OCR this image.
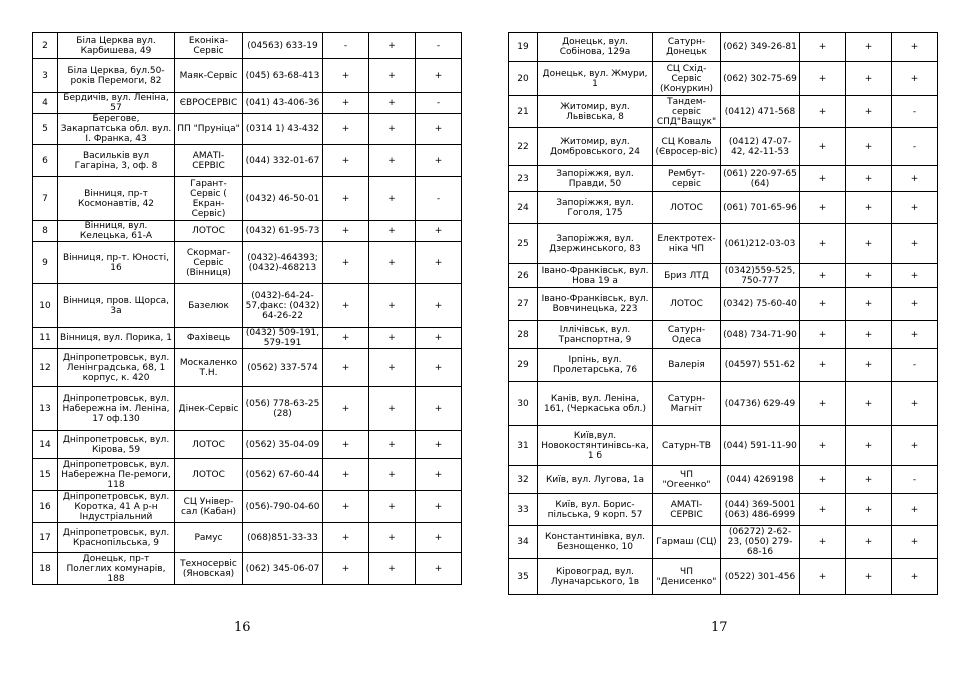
2	Біла Церква вул. Карбишева, 49	Еконіка-Сервіс	(04563) 633-19	-	+	-
3	Біла Церква, бул.50- років Перемоги, 82	Маяк-Сервіс	(045) 63-68-413	+	+	+
4	Бердичів, вул. Леніна, 57	ЄВРОСЕРВІС	(041) 43-406-36	+	+	-
5	Берегове, Закарпатська обл. вул. І. Франка, 43	ПП "Пруніца"	(0314 1) 43-432	+	+	+
6	Васильків вул Гагаріна, 3, оф. 8	АМАТІ-СЕРВІС	(044) 332-01-67	+	+	+
7	Вінниця, пр-т Космонавтів, 42	Гарант-Сервіс ( Екран-Сервіс)	(0432) 46-50-01	+	+	-
8	Вінниця, вул. Келецька, 61-А	ЛОТОС	(0432) 61-95-73	+	+	+
9	Вінниця, пр-т. Юності, 16	Скормаг-Сервіс (Вінниця)	(0432)-464393; (0432)-468213	+	+	+
10	Вінниця, пров. Щорса, 3а	Базелюк	(0432)-64-24-57,факс: (0432) 64-26-22	+	+	+
11	Вінниця, вул. Порика, 1	Фахівець	(0432) 509-191, 579-191	+	+	+
12	Дніпропетровськ, вул. Ленінградська, 68, 1 корпус, к. 420	Москаленко Т.Н.	(0562) 337-574	+	+	+
13	Дніпропетровськ, вул. Набережна ім. Леніна, 17 оф.130	Дінек-Сервіс	(056) 778-63-25 (28)	+	+	+
14	Дніпропетровськ, вул. Кірова, 59	ЛОТОС	(0562) 35-04-09	+	+	+
15	Дніпропетровськ, вул. Набережна Пе-ремоги, 118	ЛОТОС	(0562) 67-60-44	+	+	+
16	Дніпропетровськ, вул. Коротка, 41 А р-н Індустріальний	СЦ Універ-сал (Кабан)	(056)-790-04-60	+	+	+
17	Дніпропетровськ, вул. Краснопільська, 9	Рамус	(068)851-33-33	+	+	+
18	Донецьк, пр-т Полеглих комунарів, 188	Техносервіс (Яновская)	(062) 345-06-07	+	+	+
16
19	Донецьк, вул. Собінова, 129а	Сатурн-Донецьк	(062) 349-26-81	+	+	+
20	Донецьк, вул. Жмури, 1	СЦ Схід-Сервіс (Конуркин)	(062) 302-75-69	+	+	+
21	Житомир, вул. Львівська, 8	Тандем-сервіс СПД"Ващук"	(0412) 471-568	+	+	-
22	Житомир, вул. Домбровського, 24	СЦ Коваль (Євросер-віс)	(0412) 47-07-42, 42-11-53	+	+	-
23	Запоріжжя, вул. Правди, 50	Рембут-сервіс	(061) 220-97-65 (64)	+	+	+
24	Запоріжжя, вул. Гоголя, 175	ЛОТОС	(061) 701-65-96	+	+	+
25	Запоріжжя, вул. Дзержинського, 83	Електротех-ніка ЧП	(061)212-03-03	+	+	+
26	Івано-Франківськ, вул. Нова 19 а	Бриз ЛТД	(0342)559-525, 750-777	+	+	+
27	Івано-Франківськ, вул. Вовчинецька, 223	ЛОТОС	(0342) 75-60-40	+	+	+
28	Іллічівськ, вул. Транспортна, 9	Сатурн-Одеса	(048) 734-71-90	+	+	+
29	Ірпінь, вул. Пролетарська, 76	Валерія	(04597) 551-62	+	+	-
30	Канів, вул. Леніна, 161, (Черкаська обл.)	Сатурн-Магніт	(04736) 629-49	+	+	+
31	Київ,вул. Новокостянтинівсь-ка, 1 б	Сатурн-ТВ	(044) 591-11-90	+	+	+
32	Київ, вул. Лугова, 1а	ЧП "Огеенко"	(044) 4269198	+	+	-
33	Київ, вул. Борис-пільська, 9 корп. 57	АМАТІ-СЕРВІС	(044) 369-5001 (063) 486-6999	+	+	+
34	Константинівка, вул. Безнощенко, 10	Гармаш (СЦ)	(06272) 2-62-23, (050) 279-68-16	+	+	+
35	Кіровоград, вул. Луначарського, 1в	ЧП "Денисенко"	(0522) 301-456	+	+	+
17
